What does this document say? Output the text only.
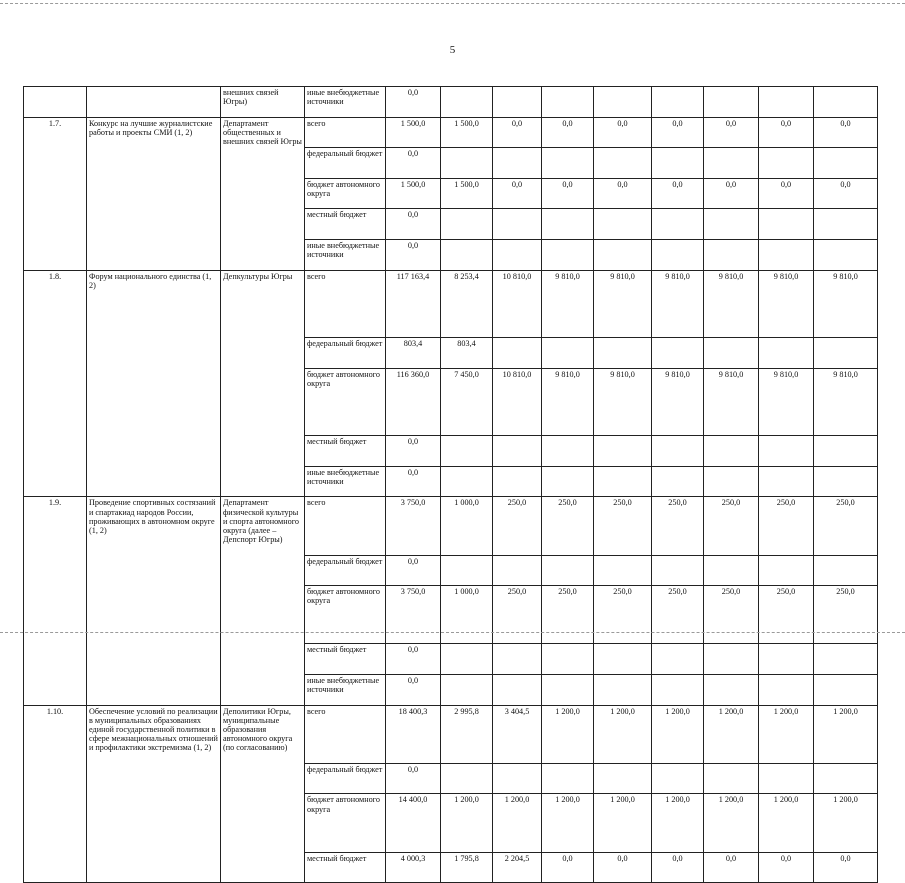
5
		внешних связей Югры)	иные внебюджетные источники	0,0									
1.7.	Конкурс на лучшие журналистские работы и проекты СМИ (1, 2)	Департамент общественных и внешних связей Югры	всего	1 500,0	1 500,0	0,0	0,0	0,0	0,0	0,0	0,0	0,0	
			федеральный бюджет	0,0									
			бюджет автономного округа	1 500,0	1 500,0	0,0	0,0	0,0	0,0	0,0	0,0	0,0	
			местный бюджет	0,0									
			иные внебюджетные источники	0,0									
1.8.	Форум национального единства (1, 2)	Депкультуры Югры	всего	117 163,4	8 253,4	10 810,0	9 810,0	9 810,0	9 810,0	9 810,0	9 810,0	9 810,0	
			федеральный бюджет	803,4	803,4								
			бюджет автономного округа	116 360,0	7 450,0	10 810,0	9 810,0	9 810,0	9 810,0	9 810,0	9 810,0	9 810,0	
			местный бюджет	0,0									
			иные внебюджетные источники	0,0									
1.9.	Проведение спортивных состязаний и спартакиад народов России, проживающих в автономном округе (1, 2)	Департамент физической культуры и спорта автономного округа (далее – Депспорт Югры)	всего	3 750,0	1 000,0	250,0	250,0	250,0	250,0	250,0	250,0	250,0	
			федеральный бюджет	0,0									
			бюджет автономного округа	3 750,0	1 000,0	250,0	250,0	250,0	250,0	250,0	250,0	250,0	
			местный бюджет	0,0									
			иные внебюджетные источники	0,0									
1.10.	Обеспечение условий по реализации в муниципальных образованиях единой государственной политики в сфере межнациональных отношений и профилактики экстремизма (1, 2)	Деполитики Югры, муниципальные образования автономного округа (по согласованию)	всего	18 400,3	2 995,8	3 404,5	1 200,0	1 200,0	1 200,0	1 200,0	1 200,0	1 200,0	
			федеральный бюджет	0,0									
			бюджет автономного округа	14 400,0	1 200,0	1 200,0	1 200,0	1 200,0	1 200,0	1 200,0	1 200,0	1 200,0	
			местный бюджет	4 000,3	1 795,8	2 204,5	0,0	0,0	0,0	0,0	0,0	0,0	
